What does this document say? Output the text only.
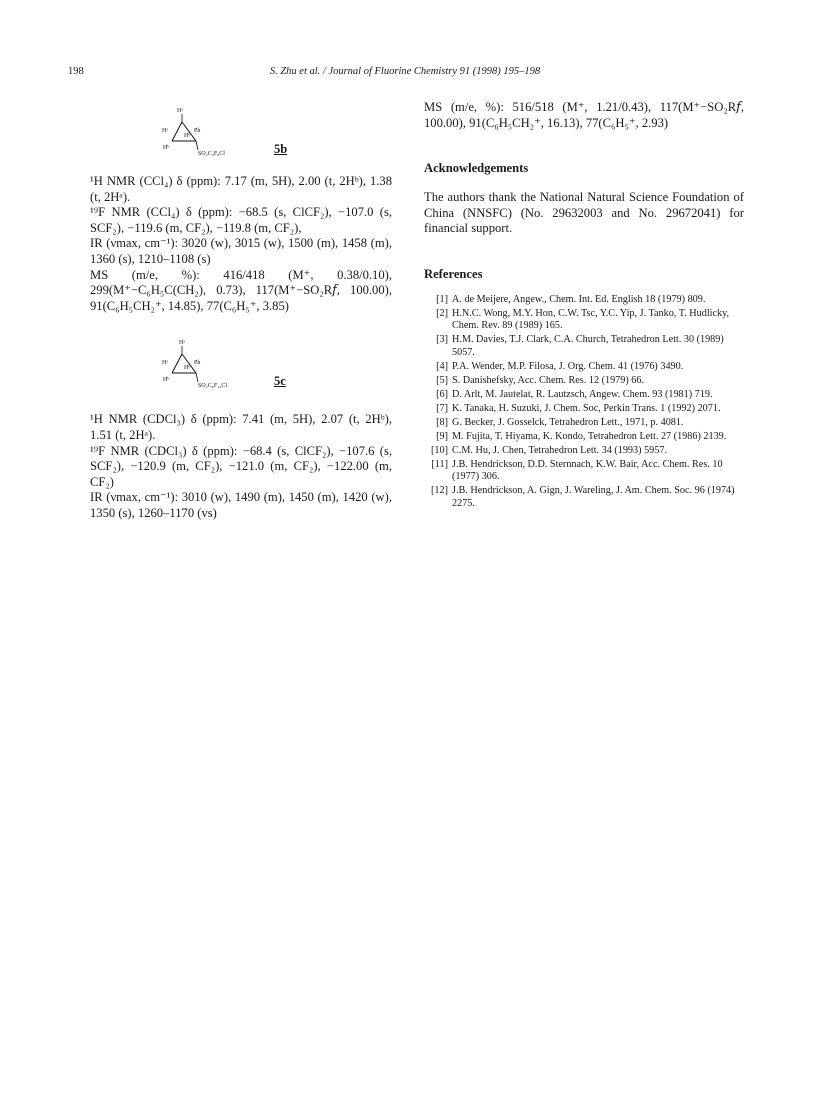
198	S. Zhu et al. / Journal of Fluorine Chemistry 91 (1998) 195–198
Hᵃ
Hᵃ
Hᵇ
Hᵇ
Ph
SO₂C₄F₈Cl	5b

¹H NMR (CCl₄) δ (ppm): 7.17 (m, 5H), 2.00 (t, 2Hᵇ), 1.38 (t, 2Hᵃ).

¹⁹F NMR (CCl₄) δ (ppm): −68.5 (s, ClCF₂), −107.0 (s, SCF₂), −119.6 (m, CF₂), −119.8 (m, CF₂),

IR (νmax, cm⁻¹): 3020 (w), 3015 (w), 1500 (m), 1458 (m), 1360 (s), 1210–1108 (s)

MS (m/e, %): 416/418 (M⁺, 0.38/0.10), 299(M⁺−C₆H₅C(CH₂), 0.73), 117(M⁺−SO₂R𝑓, 100.00), 91(C₆H₅CH₂⁺, 14.85), 77(C₆H₅⁺, 3.85)

Hᵃ
Hᵃ
Hᵇ
Hᵇ
Ph
SO₂C₆F₁₂Cl	5c

¹H NMR (CDCl₃) δ (ppm): 7.41 (m, 5H), 2.07 (t, 2Hᵇ), 1.51 (t, 2Hᵃ).

¹⁹F NMR (CDCl₃) δ (ppm): −68.4 (s, ClCF₂), −107.6 (s, SCF₂), −120.9 (m, CF₂), −121.0 (m, CF₂), −122.00 (m, CF₂)

IR (νmax, cm⁻¹): 3010 (w), 1490 (m), 1450 (m), 1420 (w), 1350 (s), 1260–1170 (vs)

MS (m/e, %): 516/518 (M⁺, 1.21/0.43), 117(M⁺−SO₂R𝑓, 100.00), 91(C₆H₅CH₂⁺, 16.13), 77(C₆H₅⁺, 2.93)

Acknowledgements

The authors thank the National Natural Science Foundation of China (NNSFC) (No. 29632003 and No. 29672041) for financial support.

References
[1] A. de Meijere, Angew., Chem. Int. Ed. English 18 (1979) 809.
[2] H.N.C. Wong, M.Y. Hon, C.W. Tsc, Y.C. Yip, J. Tanko, T. Hudlicky, Chem. Rev. 89 (1989) 165.
[3] H.M. Davies, T.J. Clark, C.A. Church, Tetrahedron Lett. 30 (1989) 5057.
[4] P.A. Wender, M.P. Filosa, J. Org. Chem. 41 (1976) 3490.
[5] S. Danishefsky, Acc. Chem. Res. 12 (1979) 66.
[6] D. Arlt, M. Jautelat, R. Lautzsch, Angew. Chem. 93 (1981) 719.
[7] K. Tanaka, H. Suzuki, J. Chem. Soc, Perkin Trans. 1 (1992) 2071.
[8] G. Becker, J. Gosselck, Tetrahedron Lett., 1971, p. 4081.
[9] M. Fujita, T. Hiyama, K. Kondo, Tetrahedron Lett. 27 (1986) 2139.
[10] C.M. Hu, J. Chen, Tetrahedron Lett. 34 (1993) 5957.
[11] J.B. Hendrickson, D.D. Sternnach, K.W. Bair, Acc. Chem. Res. 10 (1977) 306.
[12] J.B. Hendrickson, A. Gign, J. Wareling, J. Am. Chem. Soc. 96 (1974) 2275.
